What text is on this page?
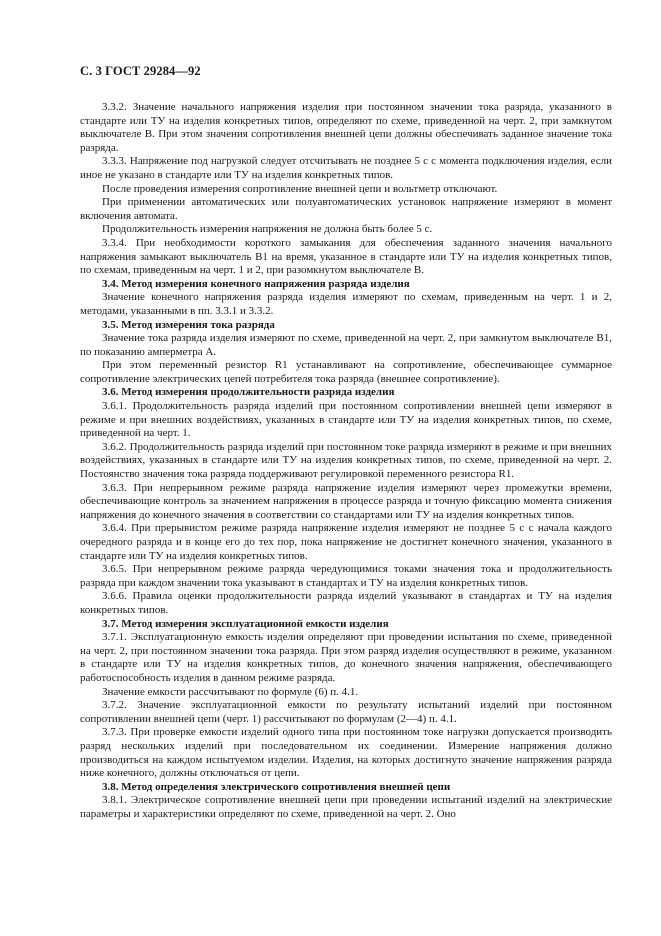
С. 3 ГОСТ 29284—92

3.3.2. Значение начального напряжения изделия при постоянном значении тока разряда, указанного в стандарте или ТУ на изделия конкретных типов, определяют по схеме, приведенной на черт. 2, при замкнутом выключателе B. При этом значения сопротивления внешней цепи должны обеспечивать заданное значение тока разряда.

3.3.3. Напряжение под нагрузкой следует отсчитывать не позднее 5 с с момента подключения изделия, если иное не указано в стандарте или ТУ на изделия конкретных типов.

После проведения измерения сопротивление внешней цепи и вольтметр отключают.

При применении автоматических или полуавтоматических установок напряжение измеряют в момент включения автомата.

Продолжительность измерения напряжения не должна быть более 5 с.

3.3.4. При необходимости короткого замыкания для обеспечения заданного значения начального напряжения замыкают выключатель B1 на время, указанное в стандарте или ТУ на изделия конкретных типов, по схемам, приведенным на черт. 1 и 2, при разомкнутом выключателе B.

3.4. Метод измерения конечного напряжения разряда изделия

Значение конечного напряжения разряда изделия измеряют по схемам, приведенным на черт. 1 и 2, методами, указанными в пп. 3.3.1 и 3.3.2.

3.5. Метод измерения тока разряда

Значение тока разряда изделия измеряют по схеме, приведенной на черт. 2, при замкнутом выключателе B1, по показанию амперметра A.

При этом переменный резистор R1 устанавливают на сопротивление, обеспечивающее суммарное сопротивление электрических цепей потребителя тока разряда (внешнее сопротивление).

3.6. Метод измерения продолжительности разряда изделия

3.6.1. Продолжительность разряда изделий при постоянном сопротивлении внешней цепи измеряют в режиме и при внешних воздействиях, указанных в стандарте или ТУ на изделия конкретных типов, по схеме, приведенной на черт. 1.

3.6.2. Продолжительность разряда изделий при постоянном токе разряда измеряют в режиме и при внешних воздействиях, указанных в стандарте или ТУ на изделия конкретных типов, по схеме, приведенной на черт. 2. Постоянство значения тока разряда поддерживают регулировкой переменного резистора R1.

3.6.3. При непрерывном режиме разряда напряжение изделия измеряют через промежутки времени, обеспечивающие контроль за значением напряжения в процессе разряда и точную фиксацию момента снижения напряжения до конечного значения в соответствии со стандартами или ТУ на изделия конкретных типов.

3.6.4. При прерывистом режиме разряда напряжение изделия измеряют не позднее 5 с с начала каждого очередного разряда и в конце его до тех пор, пока напряжение не достигнет конечного значения, указанного в стандарте или ТУ на изделия конкретных типов.

3.6.5. При непрерывном режиме разряда чередующимися токами значения тока и продолжительность разряда при каждом значении тока указывают в стандартах и ТУ на изделия конкретных типов.

3.6.6. Правила оценки продолжительности разряда изделий указывают в стандартах и ТУ на изделия конкретных типов.

3.7. Метод измерения эксплуатационной емкости изделия

3.7.1. Эксплуатационную емкость изделия определяют при проведении испытания по схеме, приведенной на черт. 2, при постоянном значении тока разряда. При этом разряд изделия осуществляют в режиме, указанном в стандарте или ТУ на изделия конкретных типов, до конечного значения напряжения, обеспечивающего работоспособность изделия в данном режиме разряда.

Значение емкости рассчитывают по формуле (6) п. 4.1.

3.7.2. Значение эксплуатационной емкости по результату испытаний изделий при постоянном сопротивлении внешней цепи (черт. 1) рассчитывают по формулам (2—4) п. 4.1.

3.7.3. При проверке емкости изделий одного типа при постоянном токе нагрузки допускается производить разряд нескольких изделий при последовательном их соединении. Измерение напряжения должно производиться на каждом испытуемом изделии. Изделия, на которых достигнуто значение напряжения разряда ниже конечного, должны отключаться от цепи.

3.8. Метод определения электрического сопротивления внешней цепи

3.8.1. Электрическое сопротивление внешней цепи при проведении испытаний изделий на электрические параметры и характеристики определяют по схеме, приведенной на черт. 2. Оно
